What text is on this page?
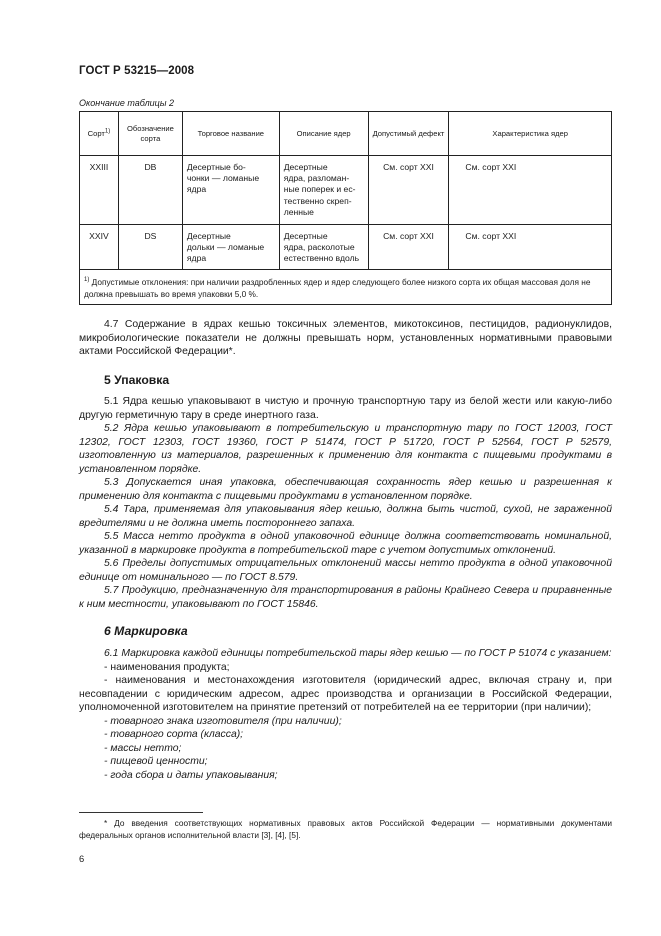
ГОСТ Р 53215—2008
Окончание таблицы 2
Сорт$^{1)}$	Обозначение сорта	Торговое название	Описание ядер	Допустимый дефект	Характеристика ядер
XXIII	DB	Десертные бо-
чонки — ломаные
ядра	Десертные
ядра, разломан-
ные поперек и ес-
тественно скреп-
ленные	См. сорт XXI	См. сорт XXI
XXIV	DS	Десертные
дольки — ломаные
ядра	Десертные
ядра, расколотые
естественно вдоль	См. сорт XXI	См. сорт XXI
$^{1)}$ Допустимые отклонения: при наличии раздробленных ядер и ядер следующего более низкого сорта их общая массовая доля не должна превышать во время упаковки 5,0 %.					

4.7 Содержание в ядрах кешью токсичных элементов, микотоксинов, пестицидов, радионуклидов, микробиологические показатели не должны превышать норм, установленных нормативными правовыми актами Российской Федерации*.

5 Упаковка

5.1 Ядра кешью упаковывают в чистую и прочную транспортную тару из белой жести или какую-либо другую герметичную тару в среде инертного газа.

5.2 Ядра кешью упаковывают в потребительскую и транспортную тару по ГОСТ 12003, ГОСТ 12302, ГОСТ 12303, ГОСТ 19360, ГОСТ Р 51474, ГОСТ Р 51720, ГОСТ Р 52564, ГОСТ Р 52579, изготовленную из материалов, разрешенных к применению для контакта с пищевыми продуктами в установленном порядке.

5.3 Допускается иная упаковка, обеспечивающая сохранность ядер кешью и разрешенная к применению для контакта с пищевыми продуктами в установленном порядке.

5.4 Тара, применяемая для упаковывания ядер кешью, должна быть чистой, сухой, не зараженной вредителями и не должна иметь постороннего запаха.

5.5 Масса нетто продукта в одной упаковочной единице должна соответствовать номинальной, указанной в маркировке продукта в потребительской таре с учетом допустимых отклонений.

5.6 Пределы допустимых отрицательных отклонений массы нетто продукта в одной упаковочной единице от номинального — по ГОСТ 8.579.

5.7 Продукцию, предназначенную для транспортирования в районы Крайнего Севера и приравненные к ним местности, упаковывают по ГОСТ 15846.

6 Маркировка

6.1 Маркировка каждой единицы потребительской тары ядер кешью — по ГОСТ Р 51074 с указанием:

- наименования продукта;

- наименования и местонахождения изготовителя (юридический адрес, включая страну и, при несовпадении с юридическим адресом, адрес производства и организации в Российской Федерации, уполномоченной изготовителем на принятие претензий от потребителей на ее территории (при наличии);

- товарного знака изготовителя (при наличии);

- товарного сорта (класса);

- массы нетто;

- пищевой ценности;

- года сбора и даты упаковывания;

* До введения соответствующих нормативных правовых актов Российской Федерации — нормативными документами федеральных органов исполнительной власти [3], [4], [5].

6
